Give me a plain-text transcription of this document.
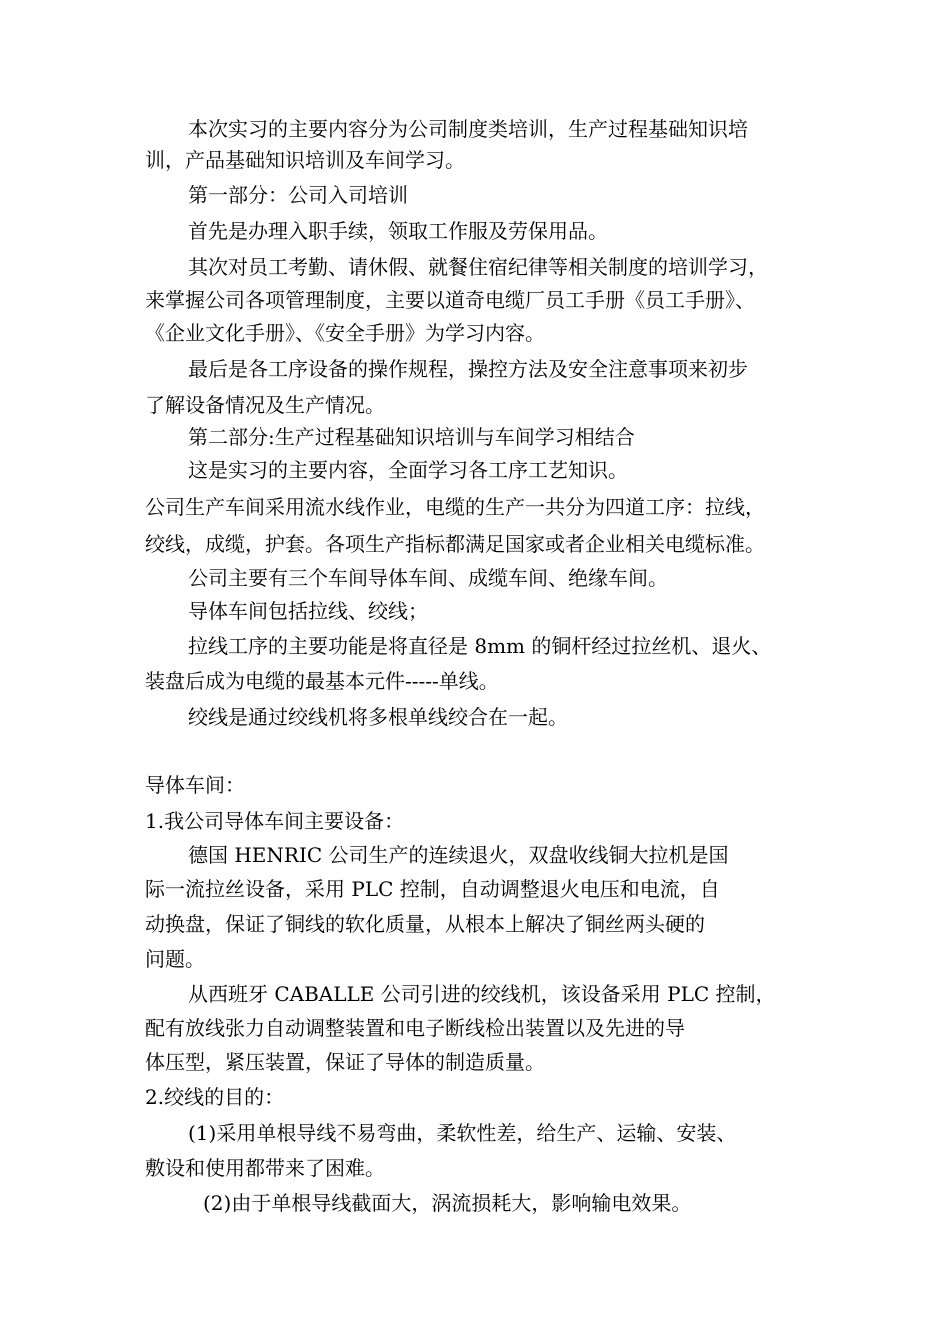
本次实习的主要内容分为公司制度类培训，生产过程基础知识培
训，产品基础知识培训及车间学习。
第一部分：公司入司培训
首先是办理入职手续，领取工作服及劳保用品。
其次对员工考勤、请休假、就餐住宿纪律等相关制度的培训学习，
来掌握公司各项管理制度，主要以道奇电缆厂员工手册《员工手册》、
《企业文化手册》、《安全手册》为学习内容。
最后是各工序设备的操作规程，操控方法及安全注意事项来初步
了解设备情况及生产情况。
第二部分:生产过程基础知识培训与车间学习相结合
这是实习的主要内容，全面学习各工序工艺知识。
公司生产车间采用流水线作业，电缆的生产一共分为四道工序：拉线，
绞线，成缆，护套。各项生产指标都满足国家或者企业相关电缆标准。
公司主要有三个车间导体车间、成缆车间、绝缘车间。
导体车间包括拉线、绞线；
拉线工序的主要功能是将直径是 8mm 的铜杆经过拉丝机、退火、
装盘后成为电缆的最基本元件-----单线。
绞线是通过绞线机将多根单线绞合在一起。
导体车间：
1.我公司导体车间主要设备：
德国 HENRIC 公司生产的连续退火，双盘收线铜大拉机是国
际一流拉丝设备，采用 PLC 控制，自动调整退火电压和电流，自
动换盘，保证了铜线的软化质量，从根本上解决了铜丝两头硬的
问题。
从西班牙 CABALLE 公司引进的绞线机，该设备采用 PLC 控制，
配有放线张力自动调整装置和电子断线检出装置以及先进的导
体压型，紧压装置，保证了导体的制造质量。
2.绞线的目的：
(1)采用单根导线不易弯曲，柔软性差，给生产、运输、安装、
敷设和使用都带来了困难。
(2)由于单根导线截面大，涡流损耗大，影响输电效果。
